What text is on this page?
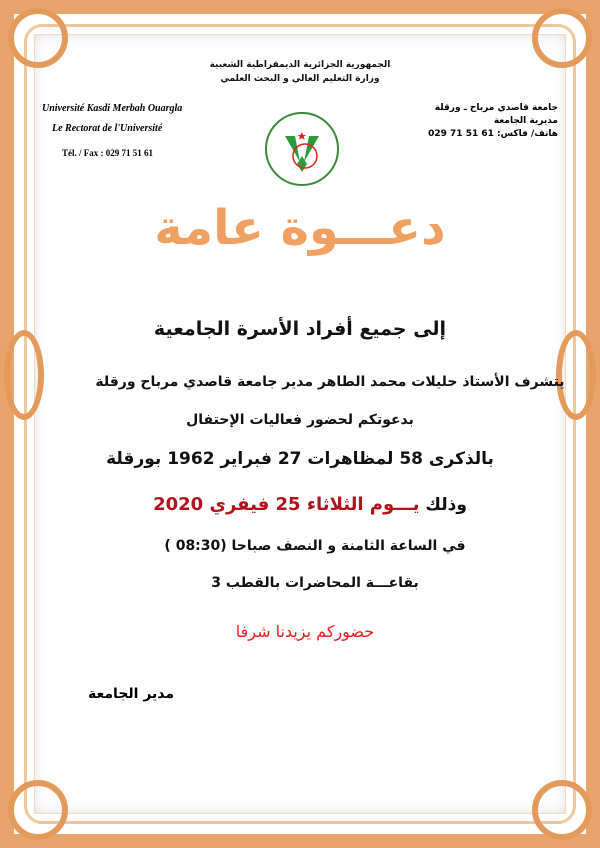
الجمهورية الجزائرية الديمقراطية الشعبية
وزارة التعليم العالي و البحث العلمي
Université Kasdi Merbah Ouargla
Le Rectorat de l'Université
Tél. / Fax : 029 71 51 61
جامعة قاصدي مرباح ـ ورقلة
مديرية الجامعة
هاتف/ فاكس: 61 51 71 029
دعـــوة عامة
إلى جميع أفراد الأسرة الجامعية
يتشرف الأستاذ حليلات محمد الطاهر مدير جامعة قاصدي مرباح ورقلة
بدعوتكم لحضور فعاليات الإحتفال
بالذكرى 58 لمظاهرات 27 فبراير 1962 بورقلة
وذلك يـــوم الثلاثاء 25 فيفري 2020
في الساعة الثامنة و النصف صباحا (08:30 )
بقاعـــة المحاضرات بالقطب 3
حضوركم يزيدنا شرفا
مدير الجامعة
